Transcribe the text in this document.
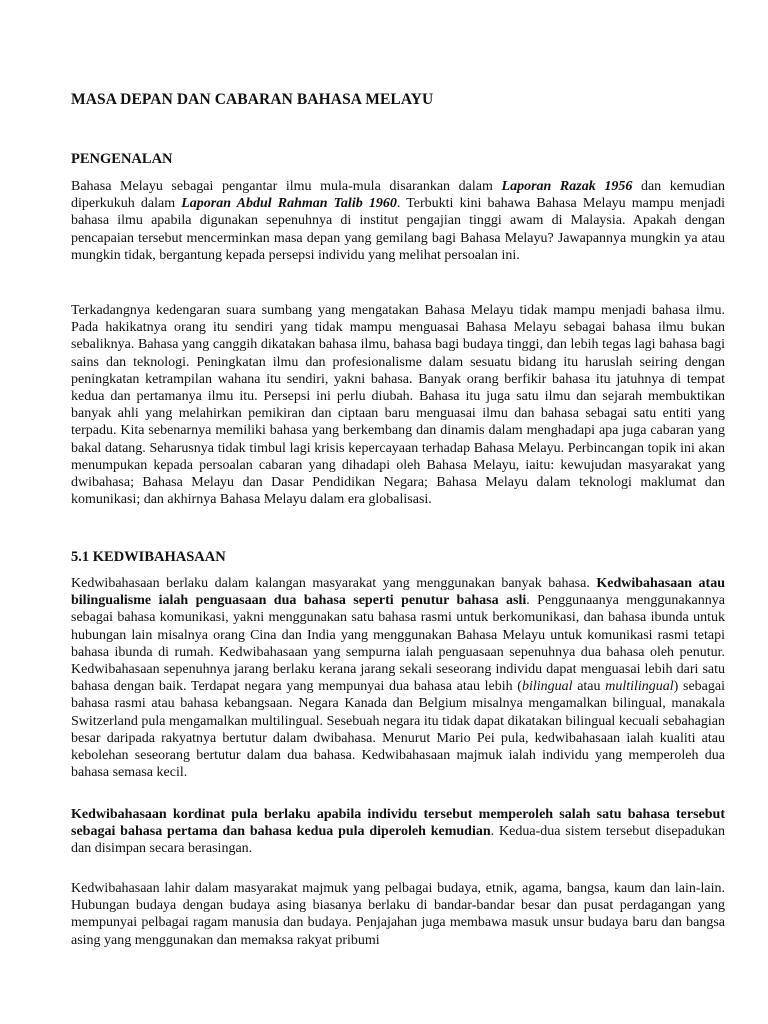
MASA DEPAN DAN CABARAN BAHASA MELAYU
PENGENALAN

Bahasa Melayu sebagai pengantar ilmu mula-mula disarankan dalam Laporan Razak 1956 dan kemudian diperkukuh dalam Laporan Abdul Rahman Talib 1960. Terbukti kini bahawa Bahasa Melayu mampu menjadi bahasa ilmu apabila digunakan sepenuhnya di institut pengajian tinggi awam di Malaysia. Apakah dengan pencapaian tersebut mencerminkan masa depan yang gemilang bagi Bahasa Melayu? Jawapannya mungkin ya atau mungkin tidak, bergantung kepada persepsi individu yang melihat persoalan ini.

Terkadangnya kedengaran suara sumbang yang mengatakan Bahasa Melayu tidak mampu menjadi bahasa ilmu. Pada hakikatnya orang itu sendiri yang tidak mampu menguasai Bahasa Melayu sebagai bahasa ilmu bukan sebaliknya. Bahasa yang canggih dikatakan bahasa ilmu, bahasa bagi budaya tinggi, dan lebih tegas lagi bahasa bagi sains dan teknologi. Peningkatan ilmu dan profesionalisme dalam sesuatu bidang itu haruslah seiring dengan peningkatan ketrampilan wahana itu sendiri, yakni bahasa. Banyak orang berfikir bahasa itu jatuhnya di tempat kedua dan pertamanya ilmu itu. Persepsi ini perlu diubah. Bahasa itu juga satu ilmu dan sejarah membuktikan banyak ahli yang melahirkan pemikiran dan ciptaan baru menguasai ilmu dan bahasa sebagai satu entiti yang terpadu. Kita sebenarnya memiliki bahasa yang berkembang dan dinamis dalam menghadapi apa juga cabaran yang bakal datang. Seharusnya tidak timbul lagi krisis kepercayaan terhadap Bahasa Melayu. Perbincangan topik ini akan menumpukan kepada persoalan cabaran yang dihadapi oleh Bahasa Melayu, iaitu: kewujudan masyarakat yang dwibahasa; Bahasa Melayu dan Dasar Pendidikan Negara; Bahasa Melayu dalam teknologi maklumat dan komunikasi; dan akhirnya Bahasa Melayu dalam era globalisasi.

5.1 KEDWIBAHASAAN

Kedwibahasaan berlaku dalam kalangan masyarakat yang menggunakan banyak bahasa. Kedwibahasaan atau bilingualisme ialah penguasaan dua bahasa seperti penutur bahasa asli. Penggunaanya menggunakannya sebagai bahasa komunikasi, yakni menggunakan satu bahasa rasmi untuk berkomunikasi, dan bahasa ibunda untuk hubungan lain misalnya orang Cina dan India yang menggunakan Bahasa Melayu untuk komunikasi rasmi tetapi bahasa ibunda di rumah. Kedwibahasaan yang sempurna ialah penguasaan sepenuhnya dua bahasa oleh penutur. Kedwibahasaan sepenuhnya jarang berlaku kerana jarang sekali seseorang individu dapat menguasai lebih dari satu bahasa dengan baik. Terdapat negara yang mempunyai dua bahasa atau lebih (bilingual atau multilingual) sebagai bahasa rasmi atau bahasa kebangsaan. Negara Kanada dan Belgium misalnya mengamalkan bilingual, manakala Switzerland pula mengamalkan multilingual. Sesebuah negara itu tidak dapat dikatakan bilingual kecuali sebahagian besar daripada rakyatnya bertutur dalam dwibahasa. Menurut Mario Pei pula, kedwibahasaan ialah kualiti atau kebolehan seseorang bertutur dalam dua bahasa. Kedwibahasaan majmuk ialah individu yang memperoleh dua bahasa semasa kecil.

Kedwibahasaan kordinat pula berlaku apabila individu tersebut memperoleh salah satu bahasa tersebut sebagai bahasa pertama dan bahasa kedua pula diperoleh kemudian. Kedua-dua sistem tersebut disepadukan dan disimpan secara berasingan.

Kedwibahasaan lahir dalam masyarakat majmuk yang pelbagai budaya, etnik, agama, bangsa, kaum dan lain-lain. Hubungan budaya dengan budaya asing biasanya berlaku di bandar-bandar besar dan pusat perdagangan yang mempunyai pelbagai ragam manusia dan budaya. Penjajahan juga membawa masuk unsur budaya baru dan bangsa asing yang menggunakan dan memaksa rakyat pribumi
